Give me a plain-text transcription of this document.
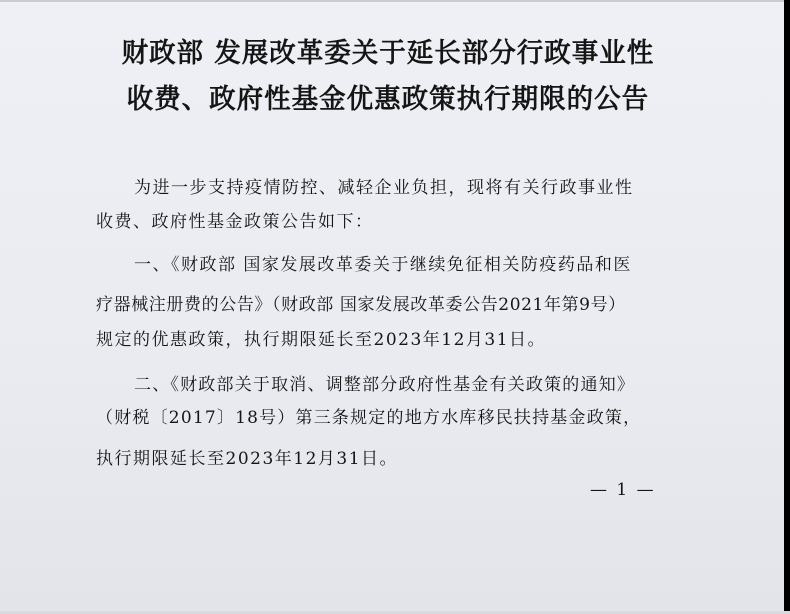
财政部 发展改革委关于延长部分行政事业性
收费、政府性基金优惠政策执行期限的公告
为进一步支持疫情防控、减轻企业负担，现将有关行政事业性
收费、政府性基金政策公告如下：
一、《财政部 国家发展改革委关于继续免征相关防疫药品和医
疗器械注册费的公告》（财政部 国家发展改革委公告2021年第9号）
规定的优惠政策，执行期限延长至2023年12月31日。
二、《财政部关于取消、调整部分政府性基金有关政策的通知》
（财税〔2017〕18号）第三条规定的地方水库移民扶持基金政策，
执行期限延长至2023年12月31日。
— 1 —
